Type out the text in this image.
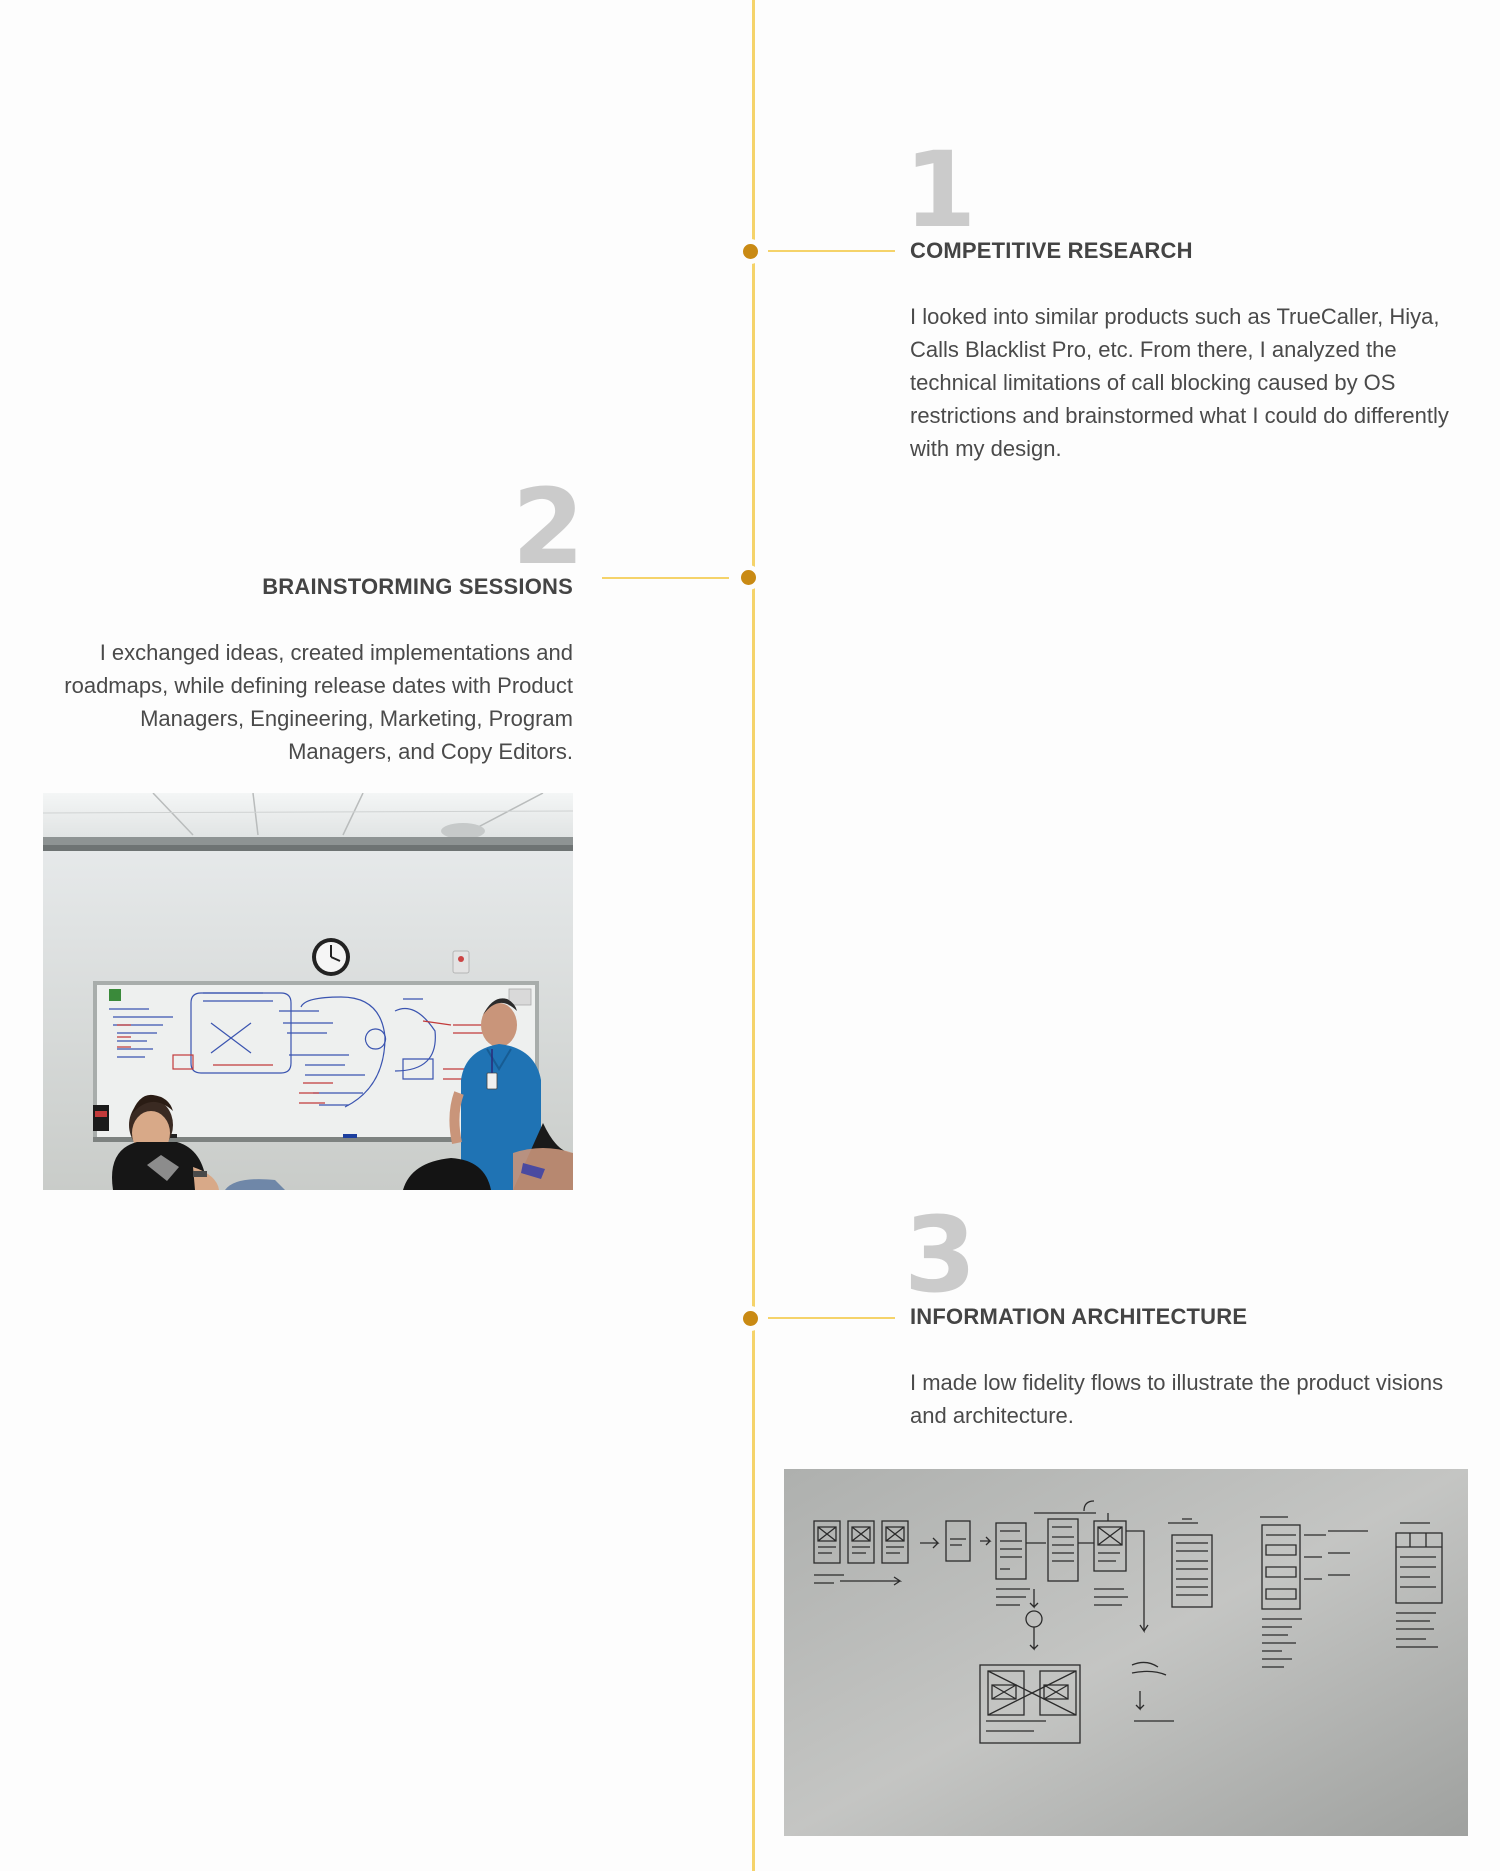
1
COMPETITIVE RESEARCH

I looked into similar products such as TrueCaller, Hiya, Calls Blacklist Pro, etc. From there, I analyzed the technical limitations of call blocking caused by OS restrictions and brainstormed what I could do differently with my design.

2
BRAINSTORMING SESSIONS

I exchanged ideas, created implementations and roadmaps, while defining release dates with Product Managers, Engineering, Marketing, Program Managers, and Copy Editors.

3
INFORMATION ARCHITECTURE

I made low fidelity flows to illustrate the product visions and architecture.
